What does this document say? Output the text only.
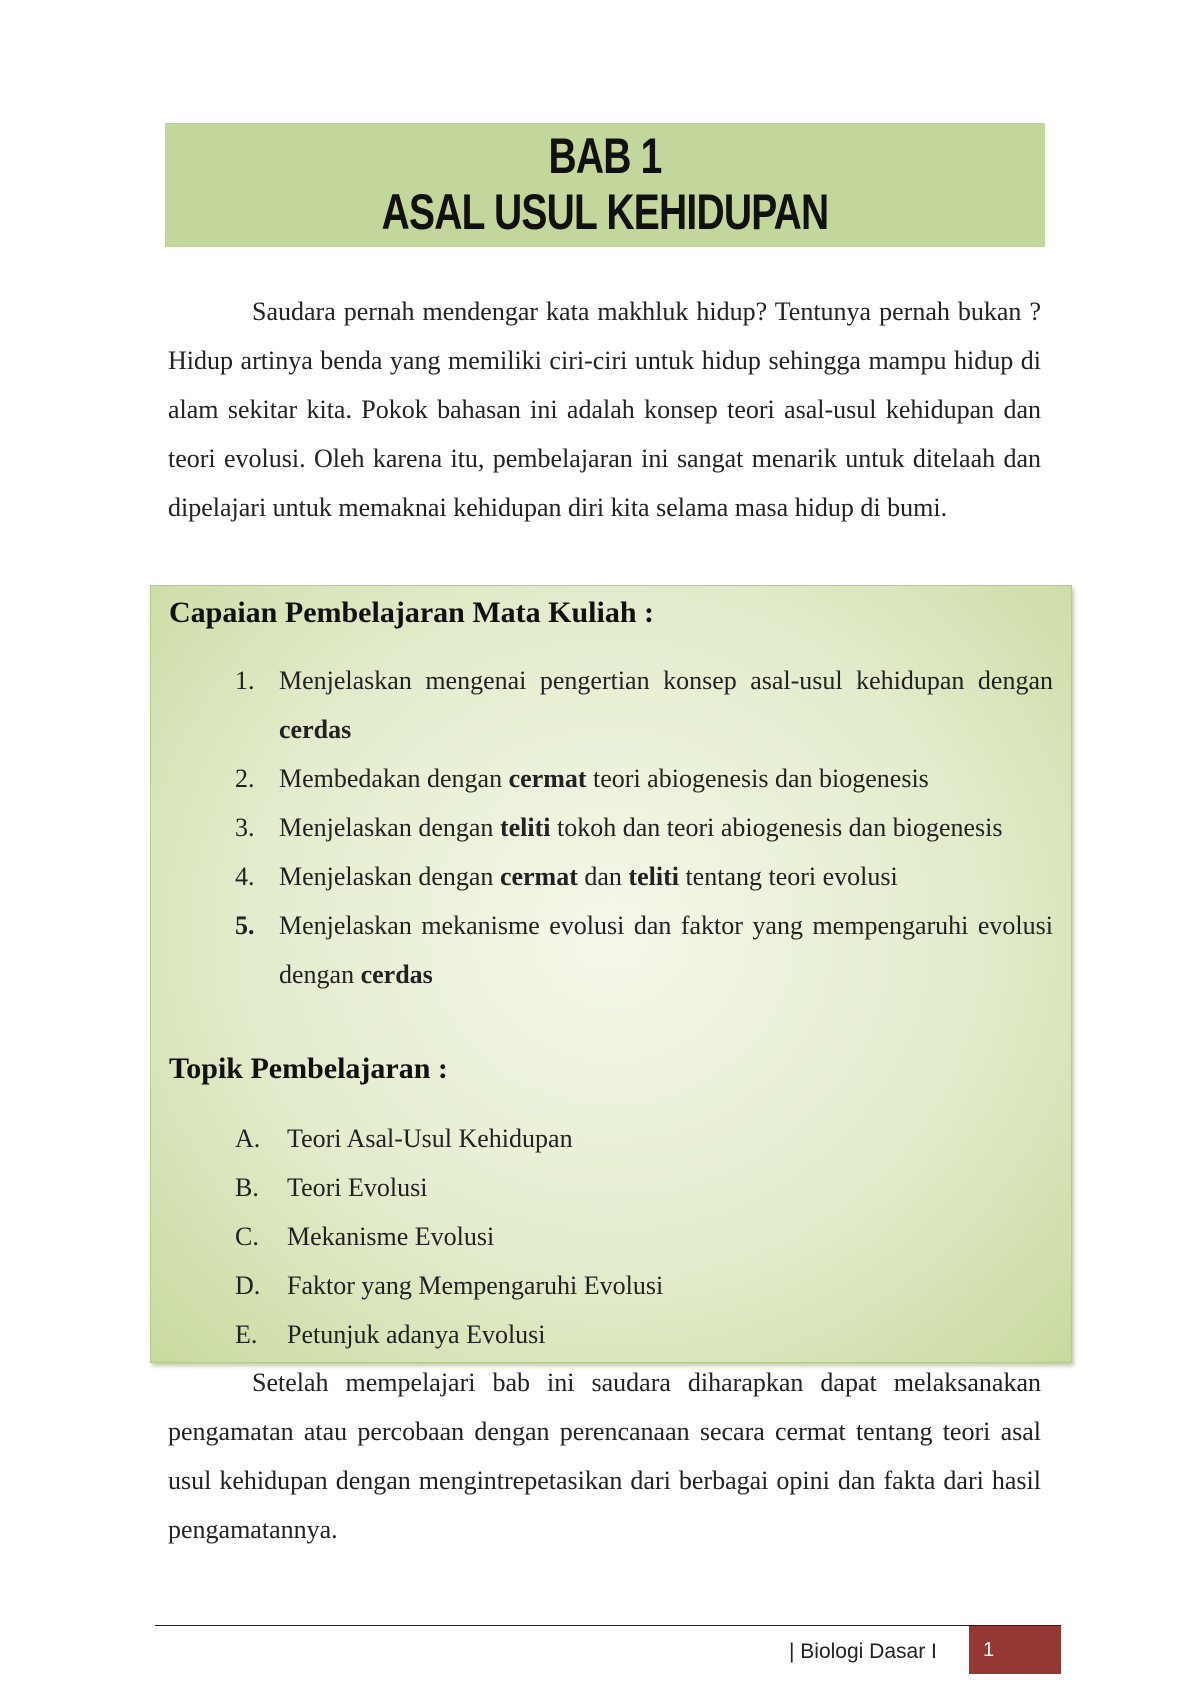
BAB 1
ASAL USUL KEHIDUPAN

Saudara pernah mendengar kata makhluk hidup? Tentunya pernah bukan ? Hidup artinya benda yang memiliki ciri-ciri untuk hidup sehingga mampu hidup di alam sekitar kita. Pokok bahasan ini adalah konsep teori asal-usul kehidupan dan teori evolusi. Oleh karena itu, pembelajaran ini sangat menarik untuk ditelaah dan dipelajari untuk memaknai kehidupan diri kita selama masa hidup di bumi.

Capaian Pembelajaran Mata Kuliah :
1. Menjelaskan mengenai pengertian konsep asal-usul kehidupan dengan cerdas
2. Membedakan dengan cermat teori abiogenesis dan biogenesis
3. Menjelaskan dengan teliti tokoh dan teori abiogenesis dan biogenesis
4. Menjelaskan dengan cermat dan teliti tentang teori evolusi
5. Menjelaskan mekanisme evolusi dan faktor yang mempengaruhi evolusi dengan cerdas
Topik Pembelajaran :
A. Teori Asal-Usul Kehidupan
B. Teori Evolusi
C. Mekanisme Evolusi
D. Faktor yang Mempengaruhi Evolusi
E. Petunjuk adanya Evolusi

Setelah mempelajari bab ini saudara diharapkan dapat melaksanakan pengamatan atau percobaan dengan perencanaan secara cermat tentang teori asal usul kehidupan dengan mengintrepetasikan dari berbagai opini dan fakta dari hasil pengamatannya.

| Biologi Dasar I	1
